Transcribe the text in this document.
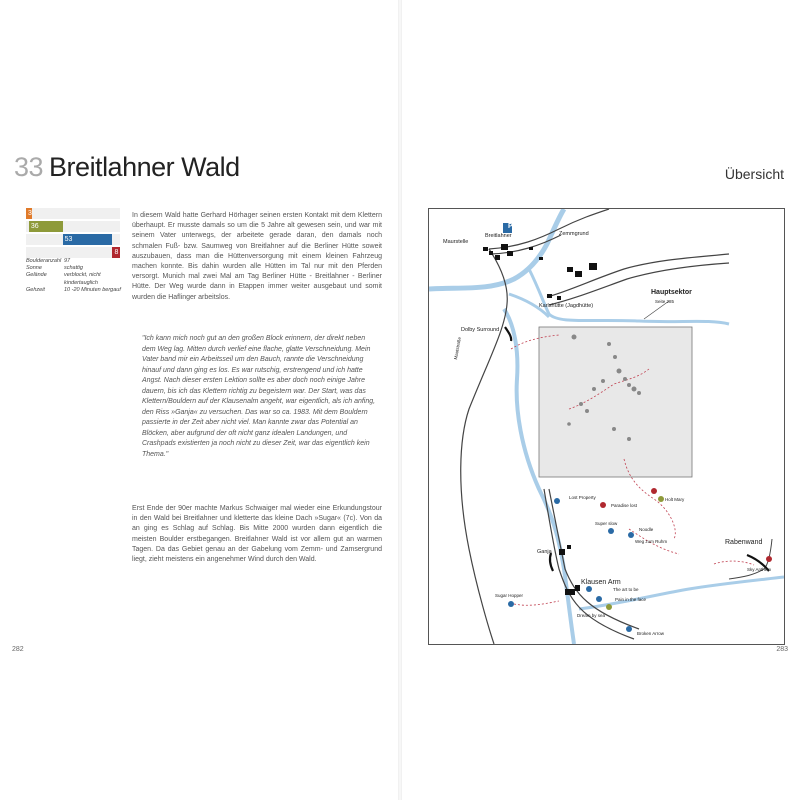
33 Breitlahner Wald
3
36
53
8
Boulderanzahl 97
Sonne	schattig
Gelände	verblockt, nicht kindertauglich
Gehzeit	10 -20 Minuten bergauf
In diesem Wald hatte Gerhard Hörhager seinen ersten Kontakt mit dem Klettern überhaupt. Er musste damals so um die 5 Jahre alt gewesen sein, und war mit seinem Vater unterwegs, der arbeitete gerade daran, den damals noch schmalen Fuß- bzw. Saumweg von Breitlahner auf die Berliner Hütte soweit auszubauen, dass man die Hüttenversorgung mit einem kleinen Fahrzeug machen konnte. Bis dahin wurden alle Hütten im Tal nur mit den Pferden versorgt. Munich mal zwei Mal am Tag Berliner Hütte - Breitlahner - Berliner Hütte. Der Weg wurde dann in Etappen immer weiter ausgebaut und somit wurden die Haflinger arbeitslos.
"Ich kann mich noch gut an den großen Block erinnern, der direkt neben dem Weg lag. Mitten durch verlief eine flache, glatte Verschneidung. Mein Vater band mir ein Arbeitsseil um den Bauch, rannte die Verschneidung hinauf und dann ging es los. Es war rutschig, erstrengend und ich hatte Angst. Nach dieser ersten Lektion sollte es aber doch noch einige Jahre dauern, bis ich das Klettern richtig zu begeistern war. Der Start, was das Klettern/Bouldern auf der Klausenalm angeht, war eigentlich, als ich anfing, den Riss »Ganja« zu versuchen. Das war so ca. 1983. Mit dem Bouldern passierte in der Zeit aber nicht viel. Man kannte zwar das Potential an Blöcken, aber aufgrund der oft nicht ganz idealen Landungen, und Crashpads existierten ja noch nicht zu dieser Zeit, war das eigentlich kein Thema."
Erst Ende der 90er machte Markus Schwaiger mal wieder eine Erkundungstour in den Wald bei Breitlahner und kletterte das kleine Dach »Sugar« (7c). Von da an ging es Schlag auf Schlag. Bis Mitte 2000 wurden dann eigentlich die meisten Boulder erstbegangen. Breitlahner Wald ist vor allem gut an warmen Tagen. Da das Gebiet genau an der Gabelung vom Zemm- und Zamsergrund liegt, zieht meistens ein angenehmer Wind durch den Wald.
282
Übersicht
283
P
Maurstelle
Breitlahner	Zemmgrund
Karlshütte (Jagdhütte)
Hauptsektor
Seite 285
Dolby Surround
Mautstraße
Ganja
Klausen Arm
Rabenwand
Lost Property
Paradise lost
Holt Mary
Super slow
Noodle
Weg zum Ruhm
Sugar Hopper
Pain in the face
The art to be
Dream by sea
Broken Arrow
Sky Anthem
